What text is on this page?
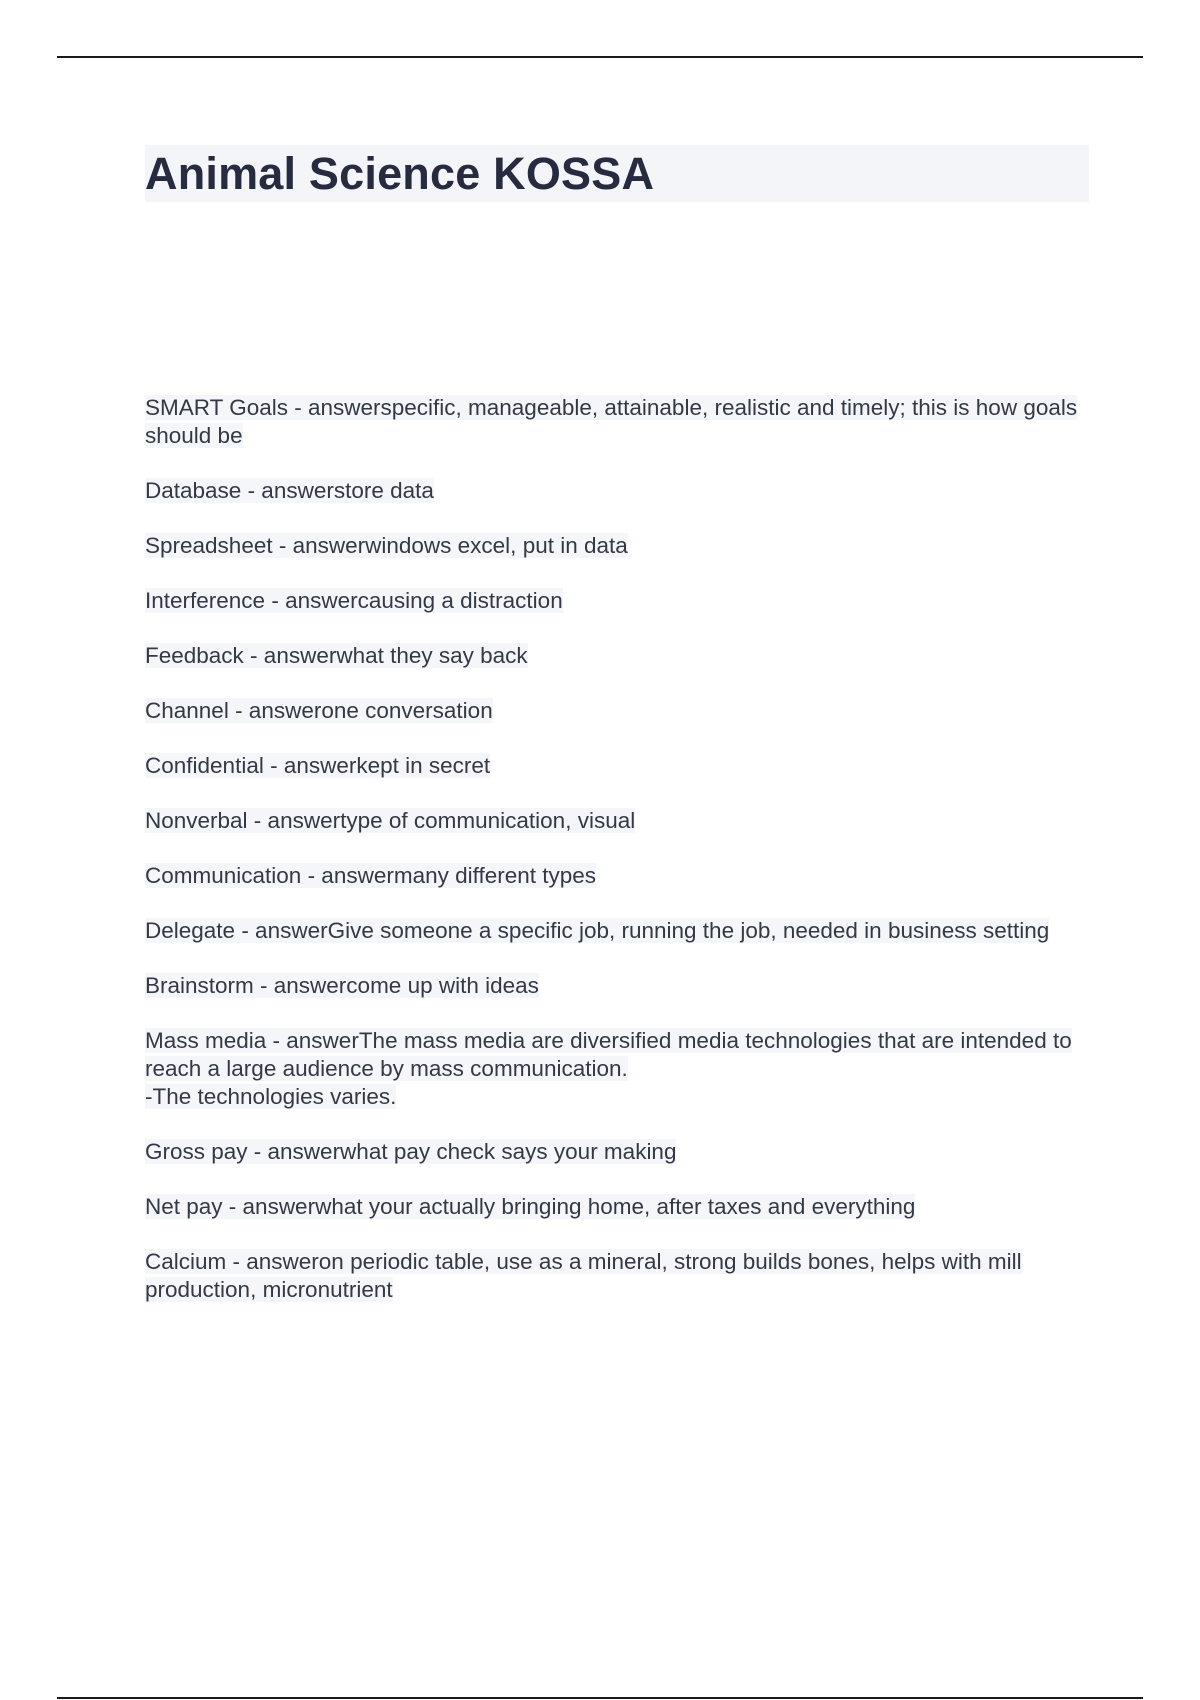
Animal Science KOSSA
SMART Goals - answerspecific, manageable, attainable, realistic and timely; this is how goals should be
Database - answerstore data
Spreadsheet - answerwindows excel, put in data
Interference - answercausing a distraction
Feedback - answerwhat they say back
Channel - answerone conversation
Confidential - answerkept in secret
Nonverbal - answertype of communication, visual
Communication - answermany different types
Delegate - answerGive someone a specific job, running the job, needed in business setting
Brainstorm - answercome up with ideas
Mass media - answerThe mass media are diversified media technologies that are intended to reach a large audience by mass communication.
-The technologies varies.
Gross pay - answerwhat pay check says your making
Net pay - answerwhat your actually bringing home, after taxes and everything
Calcium - answeron periodic table, use as a mineral, strong builds bones, helps with mill production, micronutrient
